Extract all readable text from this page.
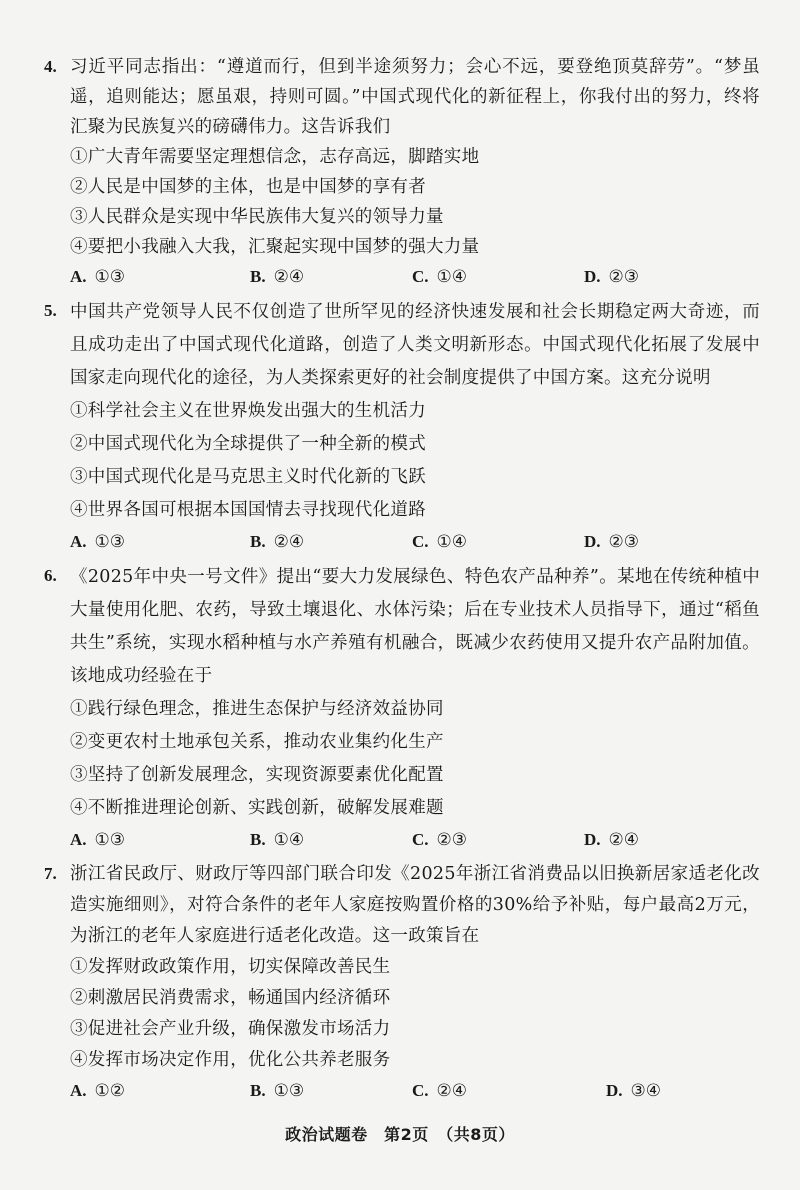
4. 习近平同志指出：“遵道而行，但到半途须努力；会心不远，要登绝顶莫辞劳”。“梦虽遥，追则能达；愿虽艰，持则可圆。”中国式现代化的新征程上，你我付出的努力，终将汇聚为民族复兴的磅礴伟力。这告诉我们
①广大青年需要坚定理想信念，志存高远，脚踏实地
②人民是中国梦的主体，也是中国梦的享有者
③人民群众是实现中华民族伟大复兴的领导力量
④要把小我融入大我，汇聚起实现中国梦的强大力量
A. ①③	B. ②④	C. ①④	D. ②③
5. 中国共产党领导人民不仅创造了世所罕见的经济快速发展和社会长期稳定两大奇迹，而且成功走出了中国式现代化道路，创造了人类文明新形态。中国式现代化拓展了发展中国家走向现代化的途径，为人类探索更好的社会制度提供了中国方案。这充分说明
①科学社会主义在世界焕发出强大的生机活力
②中国式现代化为全球提供了一种全新的模式
③中国式现代化是马克思主义时代化新的飞跃
④世界各国可根据本国国情去寻找现代化道路
A. ①③	B. ②④	C. ①④	D. ②③
6. 《2025年中央一号文件》提出“要大力发展绿色、特色农产品种养”。某地在传统种植中大量使用化肥、农药，导致土壤退化、水体污染；后在专业技术人员指导下，通过“稻鱼共生”系统，实现水稻种植与水产养殖有机融合，既减少农药使用又提升农产品附加值。该地成功经验在于
①践行绿色理念，推进生态保护与经济效益协同
②变更农村土地承包关系，推动农业集约化生产
③坚持了创新发展理念，实现资源要素优化配置
④不断推进理论创新、实践创新，破解发展难题
A. ①③	B. ①④	C. ②③	D. ②④
7. 浙江省民政厅、财政厅等四部门联合印发《2025年浙江省消费品以旧换新居家适老化改造实施细则》，对符合条件的老年人家庭按购置价格的30%给予补贴，每户最高2万元，为浙江的老年人家庭进行适老化改造。这一政策旨在
①发挥财政政策作用，切实保障改善民生
②刺激居民消费需求，畅通国内经济循环
③促进社会产业升级，确保激发市场活力
④发挥市场决定作用，优化公共养老服务
A. ①②	B. ①③	C. ②④	D. ③④
政治试题卷　第2页　（共8页）
